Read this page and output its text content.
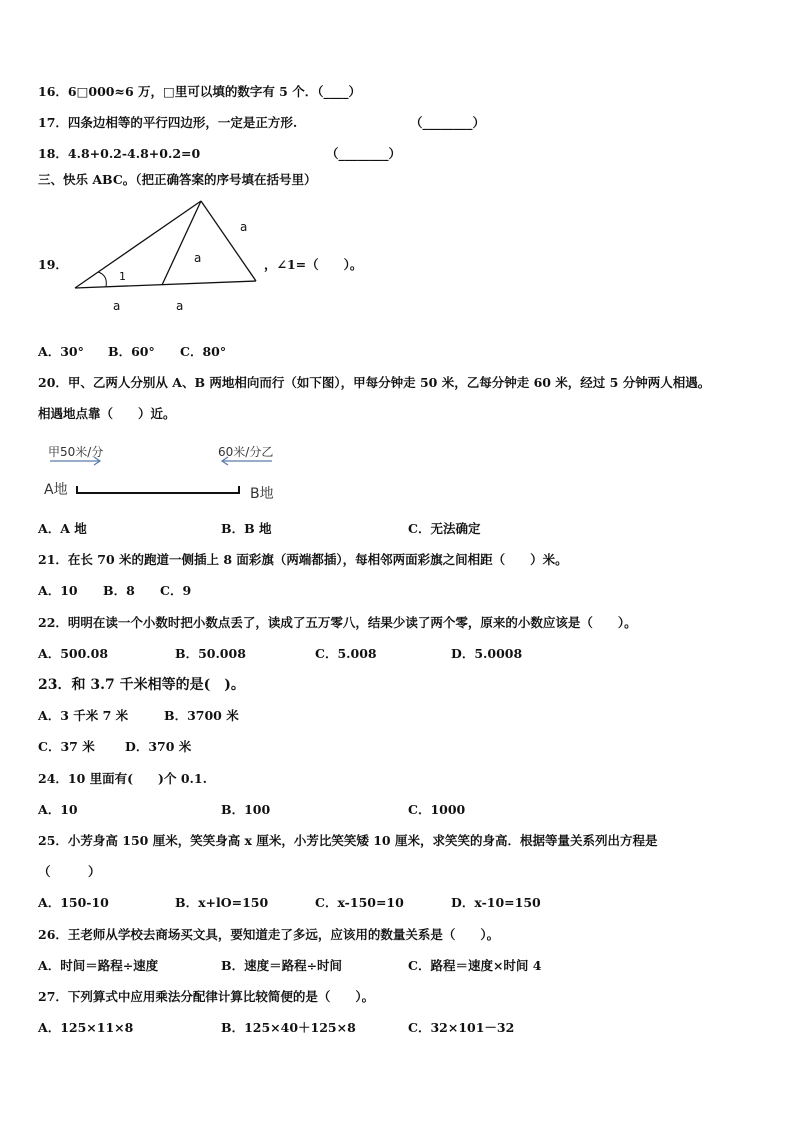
16．6□000≈6 万，□里可以填的数字有 5 个．（____）
17．四条边相等的平行四边形，一定是正方形.	（________）
18．4.8+0.2-4.8+0.2=0	（________）
三、快乐 ABC。（把正确答案的序号填在括号里）
19．
a
a
1
a	a
，∠1=（　　）。
A．30° B．60° C．80°
20．甲、乙两人分别从 A、B 两地相向而行（如下图），甲每分钟走 50 米，乙每分钟走 60 米，经过 5 分钟两人相遇。
相遇地点靠（　　）近。
甲50米/分	60米/分乙
A地	B地
A．A 地	B．B 地	C．无法确定
21．在长 70 米的跑道一侧插上 8 面彩旗（两端都插），每相邻两面彩旗之间相距（　　）米。
A．10 B．8 C．9
22．明明在读一个小数时把小数点丢了，读成了五万零八，结果少读了两个零，原来的小数应该是（　　）。
A．500.08	B．50.008	C．5.008	D．5.0008
23．和 3.7 千米相等的是(　)。
A．3 千米 7 米	B．3700 米
C．37 米 D．370 米
24．10 里面有(　　)个 0.1.
A．10	B．100	C．1000
25．小芳身高 150 厘米，笑笑身高 x 厘米，小芳比笑笑矮 10 厘米，求笑笑的身高．根据等量关系列出方程是
（　　　）
A．150-10	B．x+lO=150	C．x-150=10	D．x-10=150
26．王老师从学校去商场买文具，要知道走了多远，应该用的数量关系是（　　）。
A．时间＝路程÷速度	B．速度＝路程÷时间	C．路程＝速度×时间 4
27．下列算式中应用乘法分配律计算比较简便的是（　　）。
A．125×11×8	B．125×40＋125×8	C．32×101－32
